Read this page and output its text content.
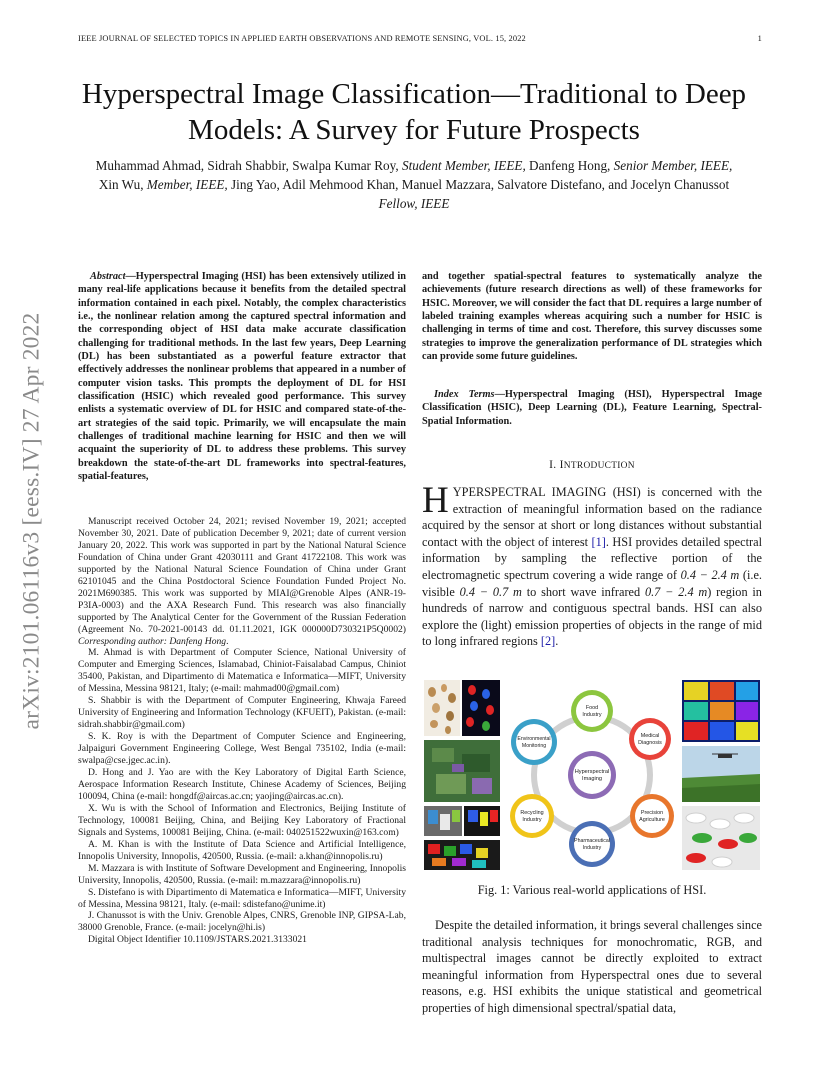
IEEE JOURNAL OF SELECTED TOPICS IN APPLIED EARTH OBSERVATIONS AND REMOTE SENSING, VOL. 15, 2022	1
arXiv:2101.06116v3 [eess.IV] 27 Apr 2022
Hyperspectral Image Classification—Traditional to Deep Models: A Survey for Future Prospects
Muhammad Ahmad, Sidrah Shabbir, Swalpa Kumar Roy, Student Member, IEEE, Danfeng Hong, Senior Member, IEEE, Xin Wu, Member, IEEE, Jing Yao, Adil Mehmood Khan, Manuel Mazzara, Salvatore Distefano, and Jocelyn Chanussot Fellow, IEEE
Abstract—Hyperspectral Imaging (HSI) has been extensively utilized in many real-life applications because it benefits from the detailed spectral information contained in each pixel. Notably, the complex characteristics i.e., the nonlinear relation among the captured spectral information and the corresponding object of HSI data make accurate classification challenging for traditional methods. In the last few years, Deep Learning (DL) has been substantiated as a powerful feature extractor that effectively addresses the nonlinear problems that appeared in a number of computer vision tasks. This prompts the deployment of DL for HSI classification (HSIC) which revealed good performance. This survey enlists a systematic overview of DL for HSIC and compared state-of-the-art strategies of the said topic. Primarily, we will encapsulate the main challenges of traditional machine learning for HSIC and then we will acquaint the superiority of DL to address these problems. This survey breakdown the state-of-the-art DL frameworks into spectral-features, spatial-features,
and together spatial-spectral features to systematically analyze the achievements (future research directions as well) of these frameworks for HSIC. Moreover, we will consider the fact that DL requires a large number of labeled training examples whereas acquiring such a number for HSIC is challenging in terms of time and cost. Therefore, this survey discusses some strategies to improve the generalization performance of DL strategies which can provide some future guidelines.
Index Terms—Hyperspectral Imaging (HSI), Hyperspectral Image Classification (HSIC), Deep Learning (DL), Feature Learning, Spectral-Spatial Information.
I. INTRODUCTION
HYPERSPECTRAL IMAGING (HSI) is concerned with the extraction of meaningful information based on the radiance acquired by the sensor at short or long distances without substantial contact with the object of interest [1]. HSI provides detailed spectral information by sampling the reflective portion of the electromagnetic spectrum covering a wide range of 0.4 − 2.4 m (i.e. visible 0.4 − 0.7 m to short wave infrared 0.7 − 2.4 m) region in hundreds of narrow and contiguous spectral bands. HSI can also explore the (light) emission properties of objects in the range of mid to long infrared regions [2].

Manuscript received October 24, 2021; revised November 19, 2021; accepted November 30, 2021. Date of publication December 9, 2021; date of current version January 20, 2022. This work was supported in part by the National Natural Science Foundation of China under Grant 42030111 and Grant 41722108. This work was supported by the National Natural Science Foundation of China under Grant 62101045 and the China Postdoctoral Science Foundation Funded Project No. 2021M690385. This work was supported by MIAI@Grenoble Alpes (ANR-19-P3IA-0003) and the AXA Research Fund. This research was also financially supported by The Analytical Center for the Government of the Russian Federation (Agreement No. 70-2021-00143 dd. 01.11.2021, IGK 000000D730321P5Q0002) Corresponding author: Danfeng Hong.

M. Ahmad is with Department of Computer Science, National University of Computer and Emerging Sciences, Islamabad, Chiniot-Faisalabad Campus, Chiniot 35400, Pakistan, and Dipartimento di Matematica e Informatica—MIFT, University of Messina, Messina 98121, Italy; (e-mail: mahmad00@gmail.com)

S. Shabbir is with the Department of Computer Engineering, Khwaja Fareed University of Engineering and Information Technology (KFUEIT), Pakistan. (e-mail: sidrah.shabbir@gmail.com)

S. K. Roy is with the Department of Computer Science and Engineering, Jalpaiguri Government Engineering College, West Bengal 735102, India (e-mail: swalpa@cse.jgec.ac.in).

D. Hong and J. Yao are with the Key Laboratory of Digital Earth Science, Aerospace Information Research Institute, Chinese Academy of Sciences, Beijing 100094, China (e-mail: hongdf@aircas.ac.cn; yaojing@aircas.ac.cn).

X. Wu is with the School of Information and Electronics, Beijing Institute of Technology, 100081 Beijing, China, and Beijing Key Laboratory of Fractional Signals and Systems, 100081 Beijing, China. (e-mail: 040251522wuxin@163.com)

A. M. Khan is with the Institute of Data Science and Artificial Intelligence, Innopolis University, Innopolis, 420500, Russia. (e-mail: a.khan@innopolis.ru)

M. Mazzara is with Institute of Software Development and Engineering, Innopolis University, Innopolis, 420500, Russia. (e-mail: m.mazzara@innopolis.ru)

S. Distefano is with Dipartimento di Matematica e Informatica—MIFT, University of Messina, Messina 98121, Italy. (e-mail: sdistefano@unime.it)

J. Chanussot is with the Univ. Grenoble Alpes, CNRS, Grenoble INP, GIPSA-Lab, 38000 Grenoble, France. (e-mail: jocelyn@hi.is)

Digital Object Identifier 10.1109/JSTARS.2021.3133021

Hyperspectral
Imaging
Food
Industry
Medical
Diagnosis
Environmental
Monitoring
Precision
Agriculture
Recycling
Industry
Pharmaceutical
Industry
Fig. 1: Various real-world applications of HSI.
Despite the detailed information, it brings several challenges since traditional analysis techniques for monochromatic, RGB, and multispectral images cannot be directly exploited to extract meaningful information from Hyperspectral ones due to several reasons, e.g. HSI exhibits the unique statistical and geometrical properties of high dimensional spectral/spatial data,
